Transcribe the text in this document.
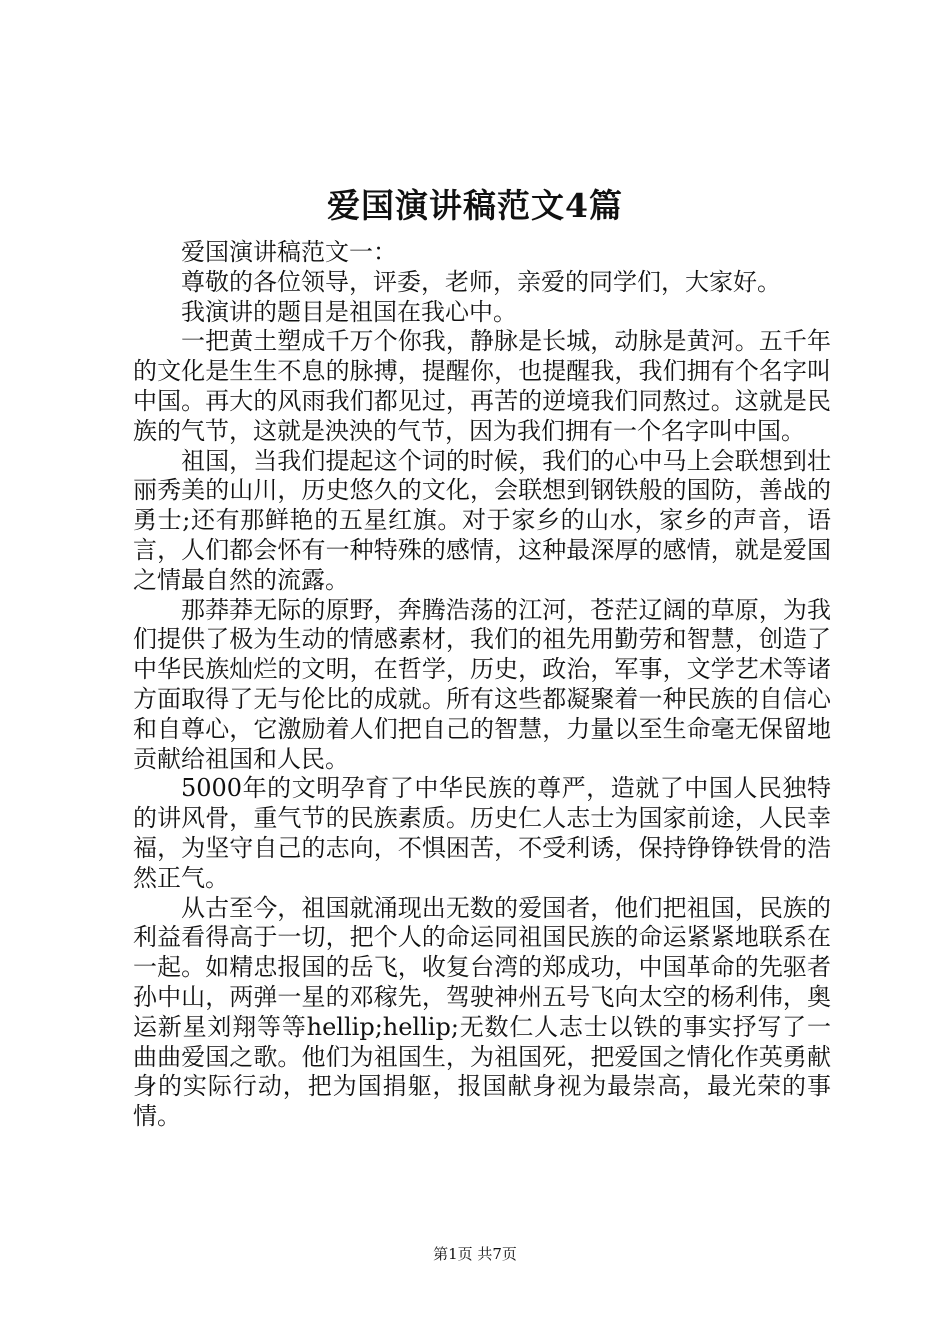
爱国演讲稿范文4篇

爱国演讲稿范文一：

尊敬的各位领导，评委，老师，亲爱的同学们，大家好。

我演讲的题目是祖国在我心中。

一把黄土塑成千万个你我，静脉是长城，动脉是黄河。五千年的文化是生生不息的脉搏，提醒你，也提醒我，我们拥有个名字叫中国。再大的风雨我们都见过，再苦的逆境我们同熬过。这就是民族的气节，这就是泱泱的气节，因为我们拥有一个名字叫中国。

祖国，当我们提起这个词的时候，我们的心中马上会联想到壮丽秀美的山川，历史悠久的文化，会联想到钢铁般的国防，善战的勇士;还有那鲜艳的五星红旗。对于家乡的山水，家乡的声音，语言，人们都会怀有一种特殊的感情，这种最深厚的感情，就是爱国之情最自然的流露。

那莽莽无际的原野，奔腾浩荡的江河，苍茫辽阔的草原，为我们提供了极为生动的情感素材，我们的祖先用勤劳和智慧，创造了中华民族灿烂的文明，在哲学，历史，政治，军事，文学艺术等诸方面取得了无与伦比的成就。所有这些都凝聚着一种民族的自信心和自尊心，它激励着人们把自己的智慧，力量以至生命毫无保留地贡献给祖国和人民。

5000年的文明孕育了中华民族的尊严，造就了中国人民独特的讲风骨，重气节的民族素质。历史仁人志士为国家前途，人民幸福，为坚守自己的志向，不惧困苦，不受利诱，保持铮铮铁骨的浩然正气。

从古至今，祖国就涌现出无数的爱国者，他们把祖国，民族的利益看得高于一切，把个人的命运同祖国民族的命运紧紧地联系在一起。如精忠报国的岳飞，收复台湾的郑成功，中国革命的先驱者孙中山，两弹一星的邓稼先，驾驶神州五号飞向太空的杨利伟，奥运新星刘翔等等hellip;hellip;无数仁人志士以铁的事实抒写了一曲曲爱国之歌。他们为祖国生，为祖国死，把爱国之情化作英勇献身的实际行动，把为国捐躯，报国献身视为最崇高，最光荣的事情。

第1页 共7页
